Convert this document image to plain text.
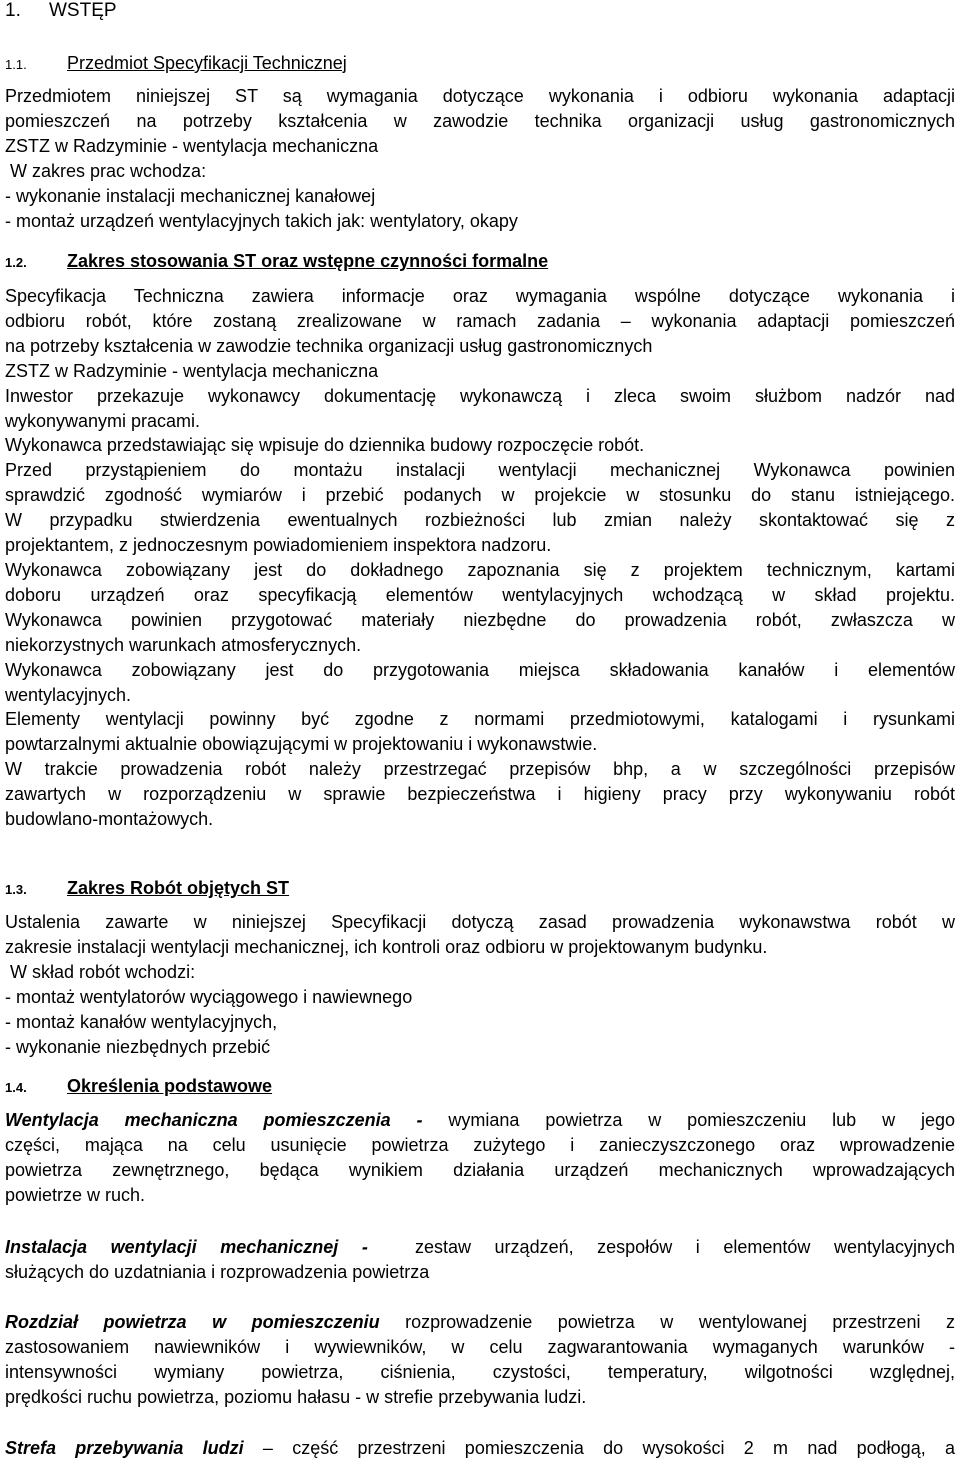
1. WSTĘP
1.1. Przedmiot Specyfikacji Technicznej
Przedmiotem niniejszej ST są wymagania dotyczące wykonania i odbioru wykonania adaptacji
pomieszczeń na potrzeby kształcenia w zawodzie technika organizacji usług gastronomicznych
ZSTZ w Radzyminie - wentylacja mechaniczna
W zakres prac wchodza:
- wykonanie instalacji mechanicznej kanałowej
- montaż urządzeń wentylacyjnych takich jak: wentylatory, okapy
1.2. Zakres stosowania ST oraz wstępne czynności formalne
Specyfikacja Techniczna zawiera informacje oraz wymagania wspólne dotyczące wykonania i
odbioru robót, które zostaną zrealizowane w ramach zadania – wykonania adaptacji pomieszczeń
na potrzeby kształcenia w zawodzie technika organizacji usług gastronomicznych
ZSTZ w Radzyminie - wentylacja mechaniczna
Inwestor przekazuje wykonawcy dokumentację wykonawczą i zleca swoim służbom nadzór nad
wykonywanymi pracami.
Wykonawca przedstawiając się wpisuje do dziennika budowy rozpoczęcie robót.
Przed przystąpieniem do montażu instalacji wentylacji mechanicznej Wykonawca powinien
sprawdzić zgodność wymiarów i przebić podanych w projekcie w stosunku do stanu istniejącego.
W przypadku stwierdzenia ewentualnych rozbieżności lub zmian należy skontaktować się z
projektantem, z jednoczesnym powiadomieniem inspektora nadzoru.
Wykonawca zobowiązany jest do dokładnego zapoznania się z projektem technicznym, kartami
doboru urządzeń oraz specyfikacją elementów wentylacyjnych wchodzącą w skład projektu.
Wykonawca powinien przygotować materiały niezbędne do prowadzenia robót, zwłaszcza w
niekorzystnych warunkach atmosferycznych.
Wykonawca zobowiązany jest do przygotowania miejsca składowania kanałów i elementów
wentylacyjnych.
Elementy wentylacji powinny być zgodne z normami przedmiotowymi, katalogami i rysunkami
powtarzalnymi aktualnie obowiązującymi w projektowaniu i wykonawstwie.
W trakcie prowadzenia robót należy przestrzegać przepisów bhp, a w szczególności przepisów
zawartych w rozporządzeniu w sprawie bezpieczeństwa i higieny pracy przy wykonywaniu robót
budowlano-montażowych.
1.3. Zakres Robót objętych ST
Ustalenia zawarte w niniejszej Specyfikacji dotyczą zasad prowadzenia wykonawstwa robót w
zakresie instalacji wentylacji mechanicznej, ich kontroli oraz odbioru w projektowanym budynku.
W skład robót wchodzi:
- montaż wentylatorów wyciągowego i nawiewnego
- montaż kanałów wentylacyjnych,
- wykonanie niezbędnych przebić
1.4. Określenia podstawowe
Wentylacja mechaniczna pomieszczenia - wymiana powietrza w pomieszczeniu lub w jego
części, mająca na celu usunięcie powietrza zużytego i zanieczyszczonego oraz wprowadzenie
powietrza zewnętrznego, będąca wynikiem działania urządzeń mechanicznych wprowadzających
powietrze w ruch.
Instalacja wentylacji mechanicznej -  zestaw urządzeń, zespołów i elementów wentylacyjnych
służących do uzdatniania i rozprowadzenia powietrza
Rozdział powietrza w pomieszczeniu rozprowadzenie powietrza w wentylowanej przestrzeni z
zastosowaniem nawiewników i wywiewników, w celu zagwarantowania wymaganych warunków -
intensywności wymiany powietrza, ciśnienia, czystości, temperatury, wilgotności względnej,
prędkości ruchu powietrza, poziomu hałasu - w strefie przebywania ludzi.
Strefa przebywania ludzi – część przestrzeni pomieszczenia do wysokości 2 m nad podłogą, a
